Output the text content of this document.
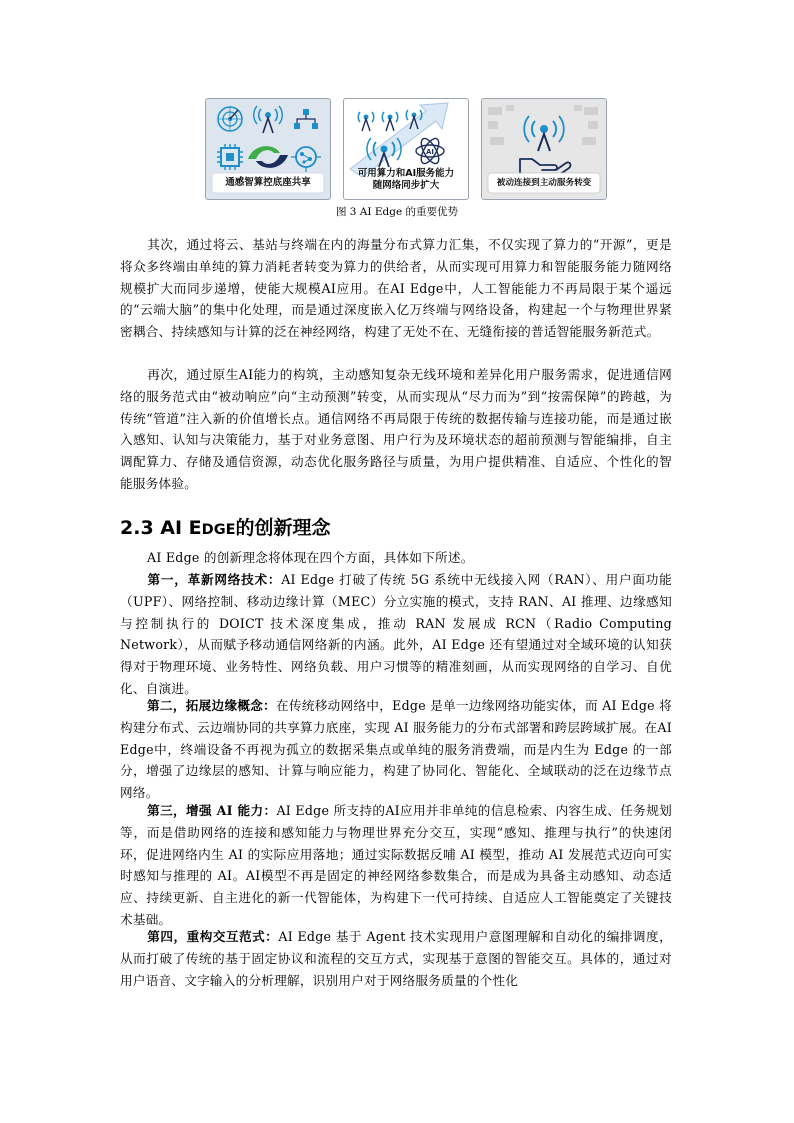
通感智算控底座共享
AI
可用算力和AI服务能力
随网络同步扩大	被动连接到主动服务转变
图 3 AI Edge 的重要优势

其次，通过将云、基站与终端在内的海量分布式算力汇集，不仅实现了算力的“开源”，更是将众多终端由单纯的算力消耗者转变为算力的供给者，从而实现可用算力和智能服务能力随网络规模扩大而同步递增，使能大规模AI应用。在AI Edge中，人工智能能力不再局限于某个遥远的“云端大脑”的集中化处理，而是通过深度嵌入亿万终端与网络设备，构建起一个与物理世界紧密耦合、持续感知与计算的泛在神经网络，构建了无处不在、无缝衔接的普适智能服务新范式。

再次，通过原生AI能力的构筑，主动感知复杂无线环境和差异化用户服务需求，促进通信网络的服务范式由“被动响应”向“主动预测”转变，从而实现从“尽力而为”到“按需保障”的跨越，为传统“管道”注入新的价值增长点。通信网络不再局限于传统的数据传输与连接功能，而是通过嵌入感知、认知与决策能力，基于对业务意图、用户行为及环境状态的超前预测与智能编排，自主调配算力、存储及通信资源，动态优化服务路径与质量，为用户提供精准、自适应、个性化的智能服务体验。

2.3 AI EDGE的创新理念

AI Edge 的创新理念将体现在四个方面，具体如下所述。

第一，革新网络技术：AI Edge 打破了传统 5G 系统中无线接入网（RAN）、用户面功能（UPF）、网络控制、移动边缘计算（MEC）分立实施的模式，支持 RAN、AI 推理、边缘感知与控制执行的 DOICT 技术深度集成，推动 RAN 发展成 RCN（Radio Computing Network），从而赋予移动通信网络新的内涵。此外，AI Edge 还有望通过对全域环境的认知获得对于物理环境、业务特性、网络负载、用户习惯等的精准刻画，从而实现网络的自学习、自优化、自演进。

第二，拓展边缘概念：在传统移动网络中，Edge 是单一边缘网络功能实体，而 AI Edge 将构建分布式、云边端协同的共享算力底座，实现 AI 服务能力的分布式部署和跨层跨域扩展。在AI Edge中，终端设备不再视为孤立的数据采集点或单纯的服务消费端，而是内生为 Edge 的一部分，增强了边缘层的感知、计算与响应能力，构建了协同化、智能化、全域联动的泛在边缘节点网络。

第三，增强 AI 能力：AI Edge 所支持的AI应用并非单纯的信息检索、内容生成、任务规划等，而是借助网络的连接和感知能力与物理世界充分交互，实现“感知、推理与执行”的快速闭环，促进网络内生 AI 的实际应用落地；通过实际数据反哺 AI 模型，推动 AI 发展范式迈向可实时感知与推理的 AI。AI模型不再是固定的神经网络参数集合，而是成为具备主动感知、动态适应、持续更新、自主进化的新一代智能体，为构建下一代可持续、自适应人工智能奠定了关键技术基础。

第四，重构交互范式：AI Edge 基于 Agent 技术实现用户意图理解和自动化的编排调度，从而打破了传统的基于固定协议和流程的交互方式，实现基于意图的智能交互。具体的，通过对用户语音、文字输入的分析理解，识别用户对于网络服务质量的个性化
